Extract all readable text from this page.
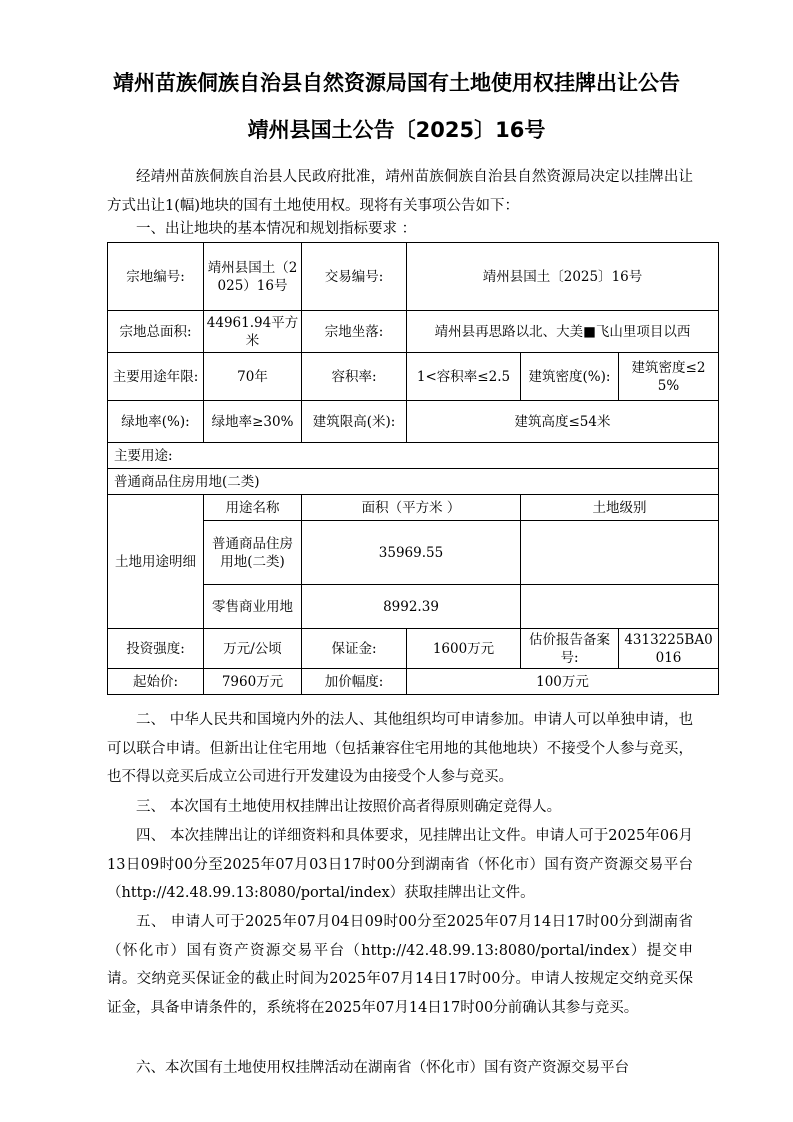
靖州苗族侗族自治县自然资源局国有土地使用权挂牌出让公告
靖州县国土公告〔2025〕16号

经靖州苗族侗族自治县人民政府批准，靖州苗族侗族自治县自然资源局决定以挂牌出让方式出让1(幅)地块的国有土地使用权。现将有关事项公告如下：

一、出让地块的基本情况和规划指标要求 ：

宗地编号:	靖州县国土（2025）16号	交易编号:	靖州县国土〔2025〕16号		
宗地总面积:	44961.94平方米	宗地坐落:	靖州县再思路以北、大美■飞山里项目以西		
主要用途年限:	70年	容积率:	1<容积率≤2.5	建筑密度(%):	建筑密度≤25%
绿地率(%):	绿地率≥30%	建筑限高(米):	建筑高度≤54米		
主要用途:					
普通商品住房用地(二类)					
土地用途明细	用途名称	面积（平方米 ）		土地级别	
	普通商品住房用地(二类)	35969.55			
	零售商业用地	8992.39			
投资强度:	万元/公顷	保证金:	1600万元	估价报告备案号:	4313225BA0016
起始价:	7960万元	加价幅度:	100万元		

二、 中华人民共和国境内外的法人、其他组织均可申请参加。申请人可以单独申请，也可以联合申请。但新出让住宅用地（包括兼容住宅用地的其他地块）不接受个人参与竞买，也不得以竞买后成立公司进行开发建设为由接受个人参与竞买。

三、 本次国有土地使用权挂牌出让按照价高者得原则确定竞得人。

四、 本次挂牌出让的详细资料和具体要求，见挂牌出让文件。申请人可于2025年06月13日09时00分至2025年07月03日17时00分到湖南省（怀化市）国有资产资源交易平台（http://42.48.99.13:8080/portal/index）获取挂牌出让文件。

五、 申请人可于2025年07月04日09时00分至2025年07月14日17时00分到湖南省（怀化市）国有资产资源交易平台（http://42.48.99.13:8080/portal/index）提交申请。交纳竞买保证金的截止时间为2025年07月14日17时00分。申请人按规定交纳竞买保证金，具备申请条件的，系统将在2025年07月14日17时00分前确认其参与竞买。

六、本次国有土地使用权挂牌活动在湖南省（怀化市）国有资产资源交易平台
